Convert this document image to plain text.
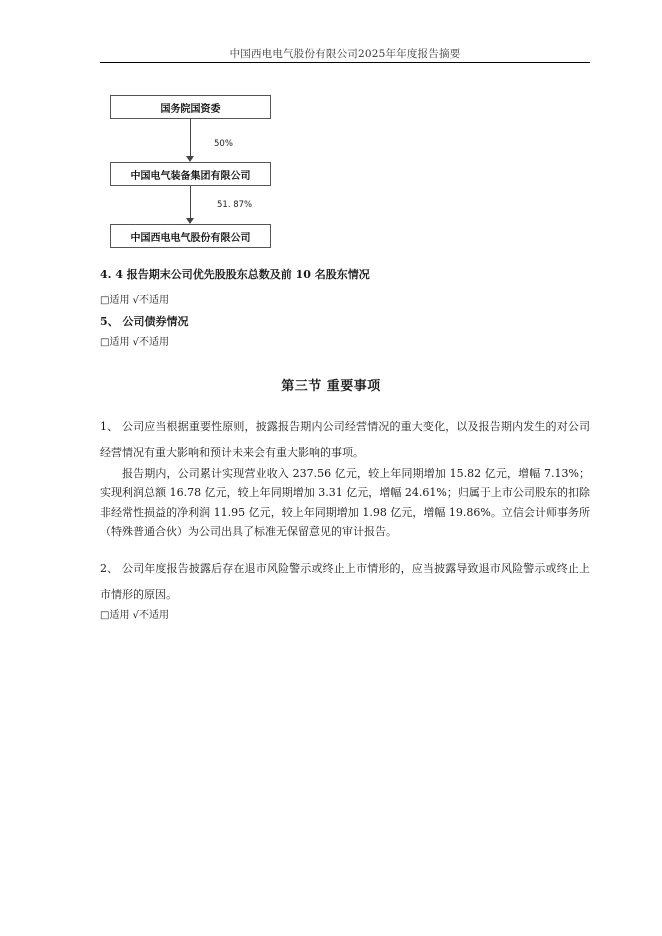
中国西电电气股份有限公司2025年年度报告摘要
国务院国资委
50%
中国电气装备集团有限公司
51. 87%
中国西电电气股份有限公司
4. 4 报告期末公司优先股股东总数及前 10 名股东情况
□适用 √不适用
5、 公司债券情况
□适用 √不适用
第三节 重要事项
1、 公司应当根据重要性原则，披露报告期内公司经营情况的重大变化，以及报告期内发生的对公司经营情况有重大影响和预计未来会有重大影响的事项。
报告期内，公司累计实现营业收入 237.56 亿元，较上年同期增加 15.82 亿元，增幅 7.13%；实现利润总额 16.78 亿元，较上年同期增加 3.31 亿元，增幅 24.61%；归属于上市公司股东的扣除非经常性损益的净利润 11.95 亿元，较上年同期增加 1.98 亿元，增幅 19.86%。立信会计师事务所（特殊普通合伙）为公司出具了标准无保留意见的审计报告。
2、 公司年度报告披露后存在退市风险警示或终止上市情形的，应当披露导致退市风险警示或终止上市情形的原因。
□适用 √不适用
